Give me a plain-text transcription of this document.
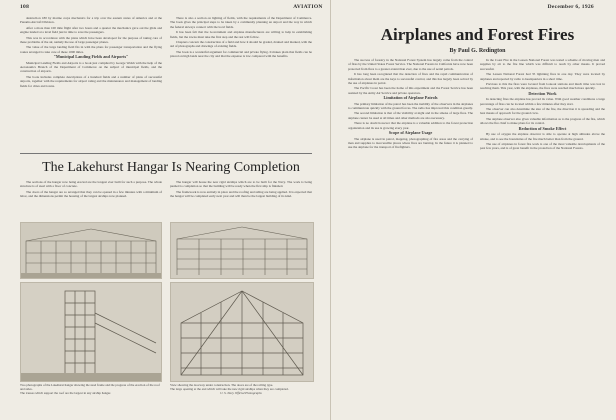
108	AVIATION	December 6, 1926

destruction 180 by marine corps mechanics for a trip over the eastern states of America and at the Panama Aircraft Division.

After a more than 100 mile flight after two hours and a quarter the mechanics gave out the glide and engine landed at a level field just in time to save the passengers.

This was in accordance with the plans which have been developed for the purpose of taking care of these problems of the air, namely the use of large passenger planes.

The value of the large landing field fits in with the plans for passenger transportation and the flying routes arranged to take care of these 1000 miles.

"Municipal Landing Fields and Airports"

Municipal Landing Fields and Airports is a book just compiled by George Walsh with the help of the Aeronautics Branch of the Department of Commerce on the subject of municipal fields, and the construction of airports.

The book includes complete descriptions of a hundred fields and a number of plans of successful airports, together with the requirements for airport rating and the maintenance and management of landing fields for cities and towns.

There is also a section on lighting of fields, with the requirements of the Department of Commerce. The book gives the principal steps to be taken by a community planning an airport and the way in which the federal airways connect with the local fields.

It has been felt that the Government and airplane manufacturers are willing to help in establishing fields, but the towns must take the first step and the rest will follow.

Chapters concern the construction of a field and how it should be graded, drained and marked, with the aid of photographs and drawings of existing fields.

The book is a wonderful argument for commercial and private flying. It makes plain that fields can be placed on high lands near the city and that the expense is low compared with the benefits.

The Lakehurst Hangar Is Nearing Completion

The sections of the hangar now being erected are the longest ever built for such a purpose. The whole structure is of steel with a floor of concrete.

The doors of the hangar are so arranged that they can be opened in a few minutes with a minimum of labor, and the dimensions permit the housing of the largest airships now planned.

The hangar will house the new rigid airships which are to be built for the Navy. The work is being pushed to completion so that the building will be ready when the first ship is finished.

The framework is now entirely in place and the roofing and siding are being applied. It is expected that the hangar will be completed early next year and will then be the largest building of its kind.

Two photographs of the Lakehurst hangar showing the steel frame and the progress of the erection of the roof and sides.

The trusses which support the roof are the largest in any airship hangar.

View showing the doorway under construction. The doors are of the rolling type.

The large opening at the end which will take the new rigid airships when they are completed.

U. S. Navy Official Photographs

Airplanes and Forest Fires
By Paul G. Redington

The success of forestry in the National Forest System has largely come from the control of fires by the United States Forest Service. The National Forests in California have now been protected from fires to a greater extent than ever, due to the use of aerial patrols.

It has long been recognized that the detection of fires and the rapid communication of information about them are the keys to successful control, and this has largely been solved by the use of airplanes in patrol.

The Pacific Coast has been the home of this experiment and the Forest Service has been assisted by the Army Air Service and private operators.

Limitation of Airplane Patrols

The primary limitation of the patrol has been the inability of the observers in the airplanes to communicate quickly with the ground forces. The radio has improved this condition greatly.

The second limitation is that of the visibility at night and in the smoke of large fires. The airplane cannot be used at all times and other methods are also necessary.

There is no doubt however that the airplane is a valuable addition to the forest protection organization and its use is growing every year.

Scope of Airplane Usage

The airplane is used in patrol, mapping, photographing of fire areas and the carrying of men and supplies to inaccessible places where fires are burning. In the future it is planned to use the airplane for the transport of firefighters.

In the Coast Fire in the Lassen National Forest was tested a scheme of moving men and supplies by air to the fire line which was difficult to reach by other means. It proved successful.

The Lassen National Forest had 35 lightning fires in one day. They were located by airplanes and reported by radio to headquarters in a short time.

Previous to this the fires were located from lookout stations and much time was lost in reaching them. This year, with the airplanes, the fires were reached much more quickly.

Detection Work

In detecting fires the airplane has proved its value. With good weather conditions a large percentage of fires can be located within a few minutes after they start.

The observer can also determine the size of the fire, the direction it is spreading and the best means of approach for the ground crew.

The airplane observer also gives valuable information as to the progress of the fire, which allows the fire chief to make plans for its control.

Reduction of Smoke Effect

By use of oxygen the airplane observer is able to operate at high altitudes above the smoke, and to see the boundaries of the fire much better than from the ground.

The use of airplanes in forest fire work is one of the most valuable developments of the past few years, and is of great benefit in the protection of the National Forests.
